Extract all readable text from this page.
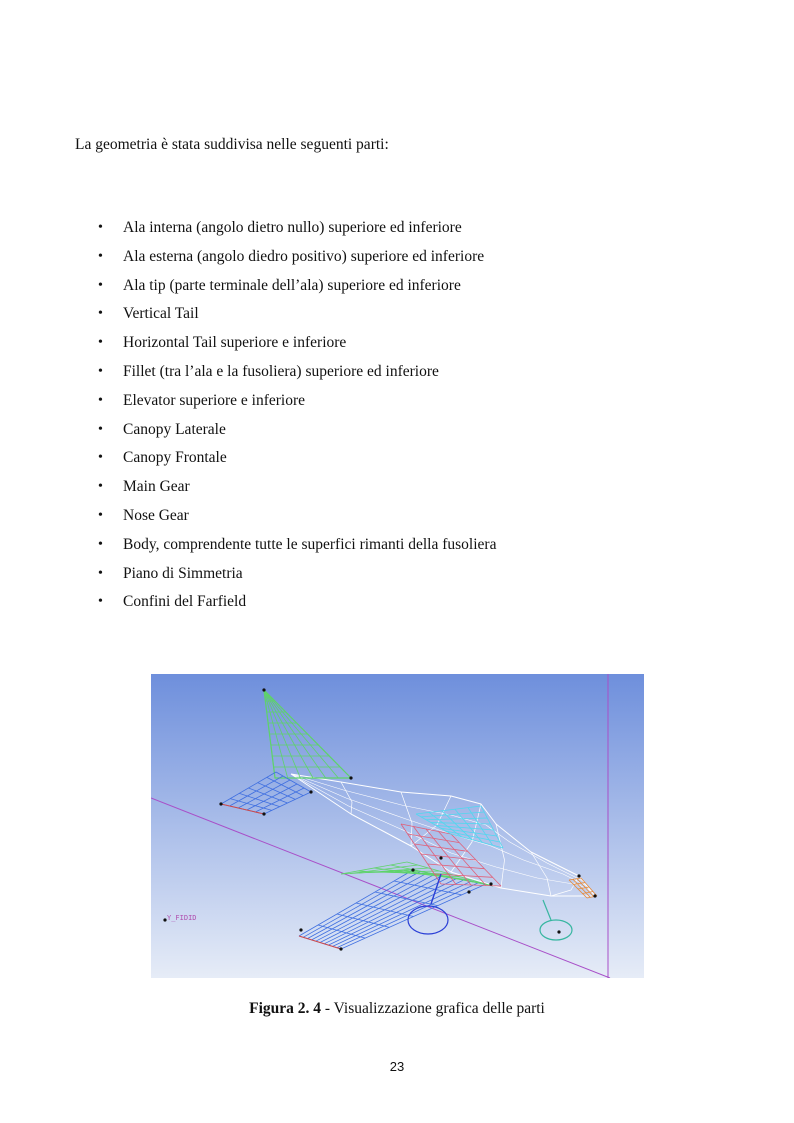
La geometria è stata suddivisa nelle seguenti parti:

• Ala interna (angolo dietro nullo) superiore ed inferiore
• Ala esterna (angolo diedro positivo) superiore ed inferiore
• Ala tip (parte terminale dell’ala) superiore ed inferiore
• Vertical Tail
• Horizontal Tail superiore e inferiore
• Fillet (tra l’ala e la fusoliera) superiore ed inferiore
• Elevator superiore e inferiore
• Canopy Laterale
• Canopy Frontale
• Main Gear
• Nose Gear
• Body, comprendente tutte le superfici rimanti della fusoliera
• Piano di Simmetria
• Confini del Farfield
Y_FIDID
Figura 2. 4 - Visualizzazione grafica delle parti
23
